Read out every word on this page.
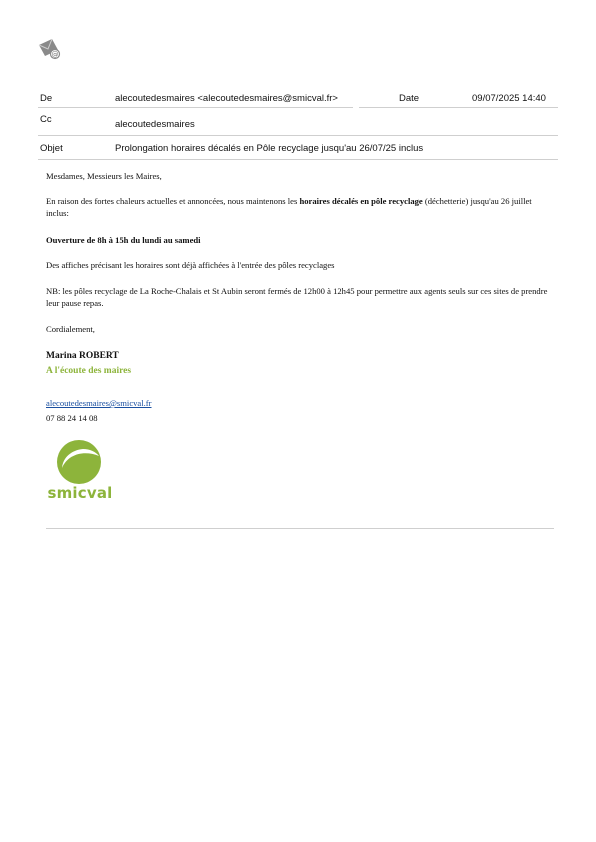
@
De	alecoutedesmaires <alecoutedesmaires@smicval.fr>	Date	09/07/2025 14:40
Cc	alecoutedesmaires
Objet	Prolongation horaires décalés en Pôle recyclage jusqu'au 26/07/25 inclus

Mesdames, Messieurs les Maires,

En raison des fortes chaleurs actuelles et annoncées, nous maintenons les horaires décalés en pôle recyclage (déchetterie) jusqu'au 26 juillet inclus:

Ouverture de 8h à 15h du lundi au samedi

Des affiches précisant les horaires sont déjà affichées à l'entrée des pôles recyclages

NB: les pôles recyclage de La Roche-Chalais et St Aubin seront fermés de 12h00 à 12h45 pour permettre aux agents seuls sur ces sites de prendre leur pause repas.

Cordialement,

Marina ROBERT

A l'écoute des maires

alecoutedesmaires@smicval.fr

07 88 24 14 08

smicval
